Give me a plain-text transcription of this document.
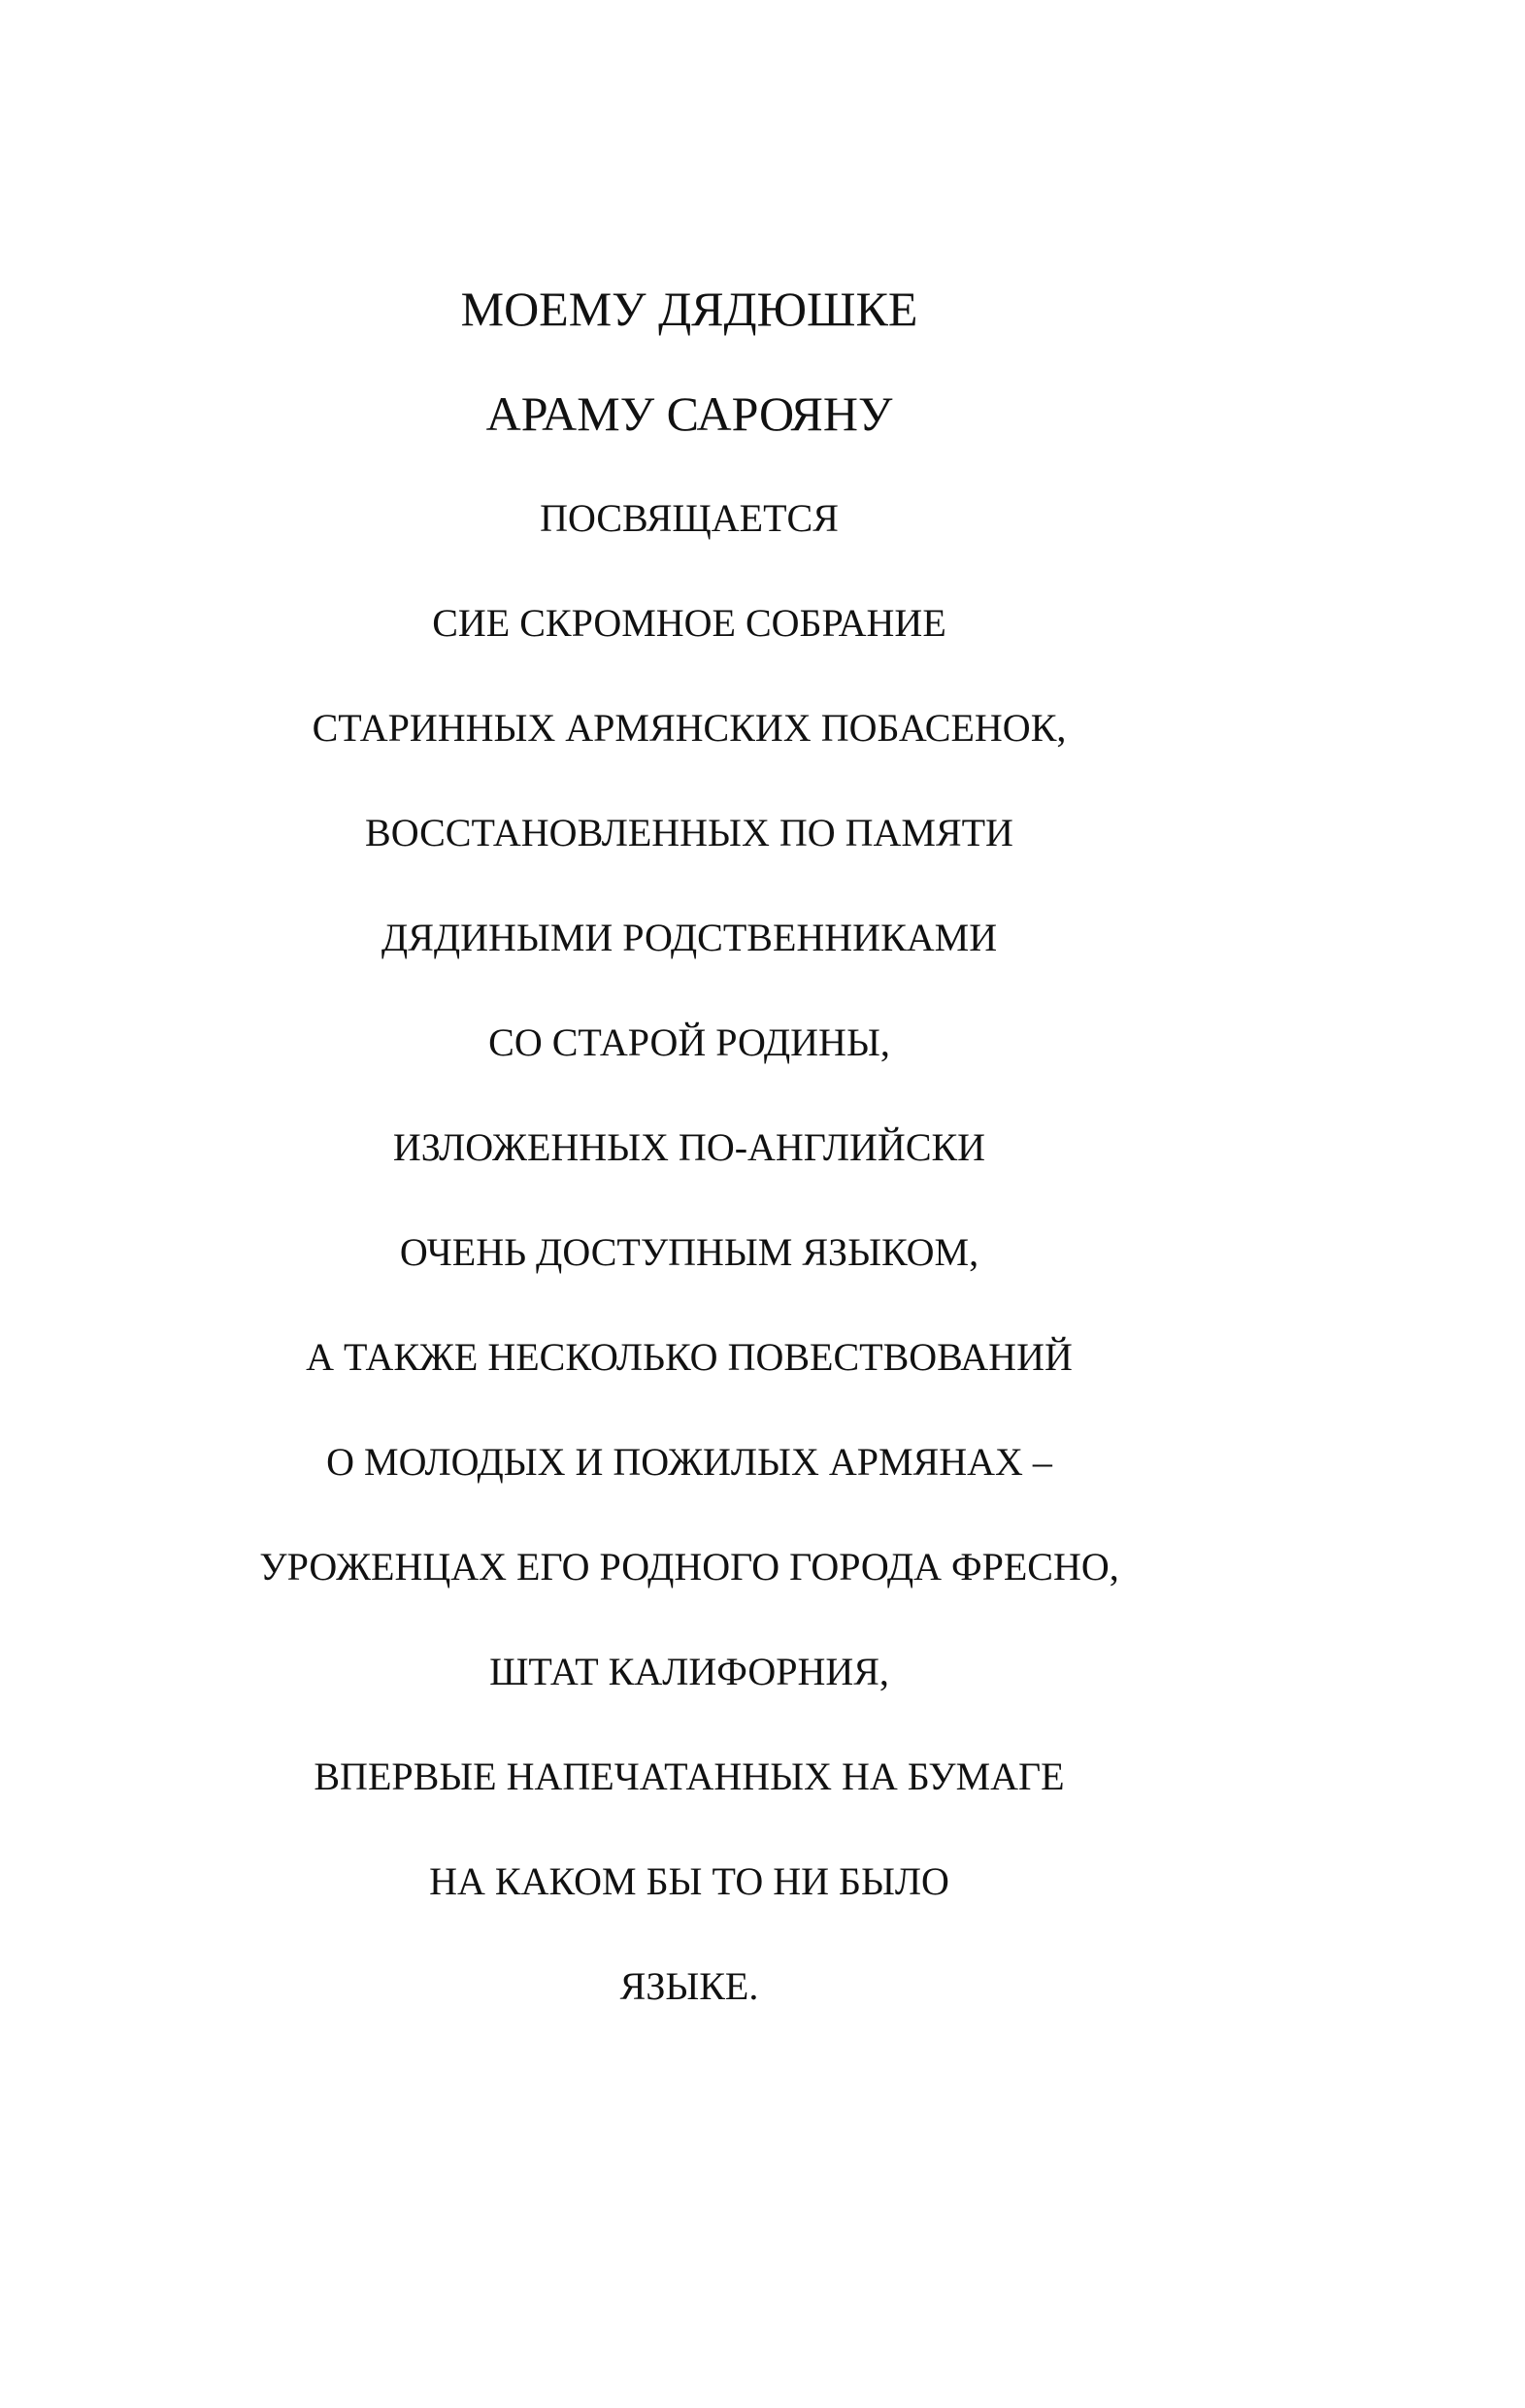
МОЕМУ ДЯДЮШКЕ
АРАМУ САРОЯНУ
ПОСВЯЩАЕТСЯ
СИЕ СКРОМНОЕ СОБРАНИЕ
СТАРИННЫХ АРМЯНСКИХ ПОБАСЕНОК,
ВОССТАНОВЛЕННЫХ ПО ПАМЯТИ
ДЯДИНЫМИ РОДСТВЕННИКАМИ
СО СТАРОЙ РОДИНЫ,
ИЗЛОЖЕННЫХ ПО-АНГЛИЙСКИ
ОЧЕНЬ ДОСТУПНЫМ ЯЗЫКОМ,
А ТАКЖЕ НЕСКОЛЬКО ПОВЕСТВОВАНИЙ
О МОЛОДЫХ И ПОЖИЛЫХ АРМЯНАХ –
УРОЖЕНЦАХ ЕГО РОДНОГО ГОРОДА ФРЕСНО,
ШТАТ КАЛИФОРНИЯ,
ВПЕРВЫЕ НАПЕЧАТАННЫХ НА БУМАГЕ
НА КАКОМ БЫ ТО НИ БЫЛО
ЯЗЫКЕ.
